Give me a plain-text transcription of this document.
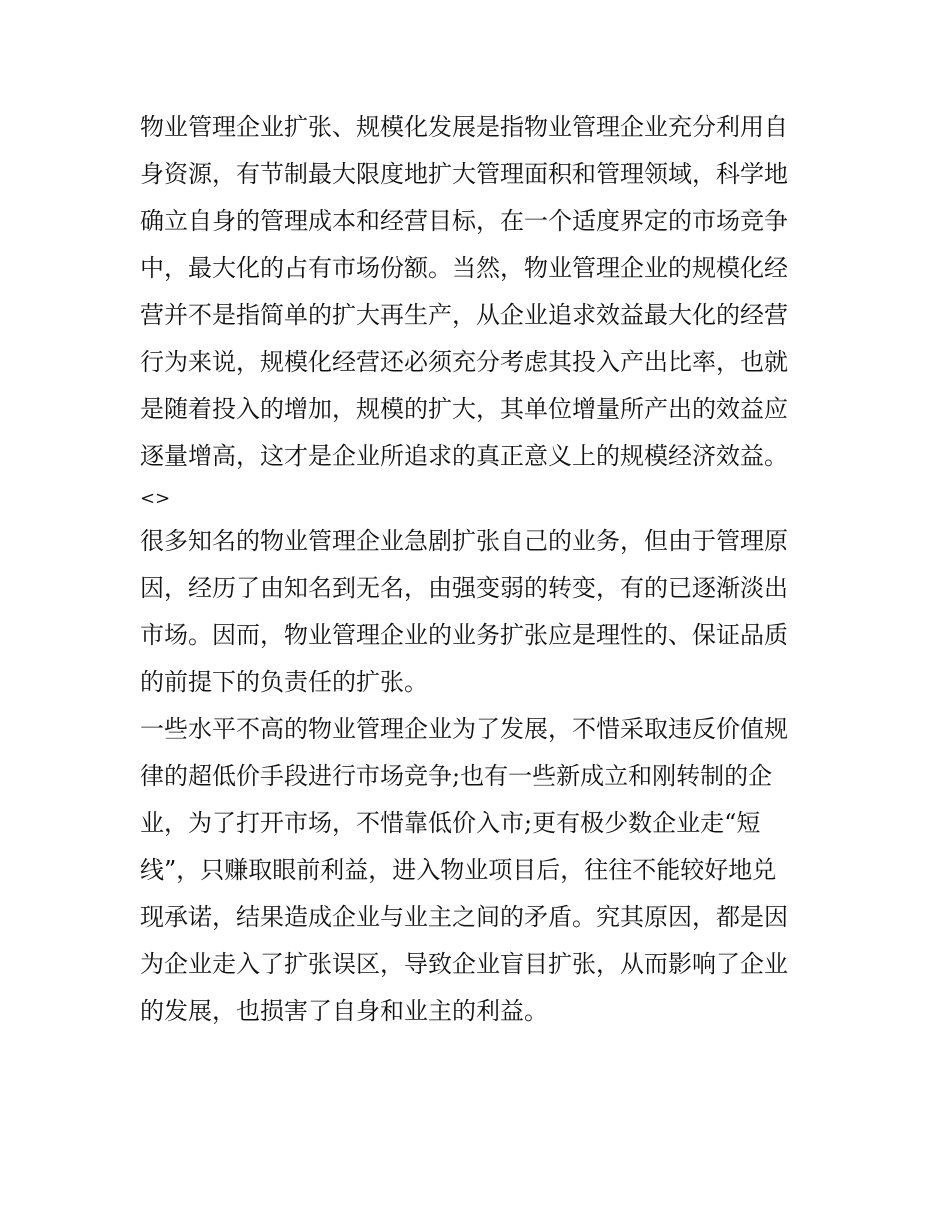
物业管理企业扩张、规模化发展是指物业管理企业充分利用自
身资源，有节制最大限度地扩大管理面积和管理领域，科学地
确立自身的管理成本和经营目标，在一个适度界定的市场竞争
中，最大化的占有市场份额。当然，物业管理企业的规模化经
营并不是指简单的扩大再生产，从企业追求效益最大化的经营
行为来说，规模化经营还必须充分考虑其投入产出比率，也就
是随着投入的增加，规模的扩大，其单位增量所产出的效益应
逐量增高，这才是企业所追求的真正意义上的规模经济效益。
<>
很多知名的物业管理企业急剧扩张自己的业务，但由于管理原
因，经历了由知名到无名，由强变弱的转变，有的已逐渐淡出
市场。因而，物业管理企业的业务扩张应是理性的、保证品质
的前提下的负责任的扩张。
一些水平不高的物业管理企业为了发展，不惜采取违反价值规
律的超低价手段进行市场竞争;也有一些新成立和刚转制的企
业，为了打开市场，不惜靠低价入市;更有极少数企业走“短
线”，只赚取眼前利益，进入物业项目后，往往不能较好地兑
现承诺，结果造成企业与业主之间的矛盾。究其原因，都是因
为企业走入了扩张误区，导致企业盲目扩张，从而影响了企业
的发展，也损害了自身和业主的利益。
